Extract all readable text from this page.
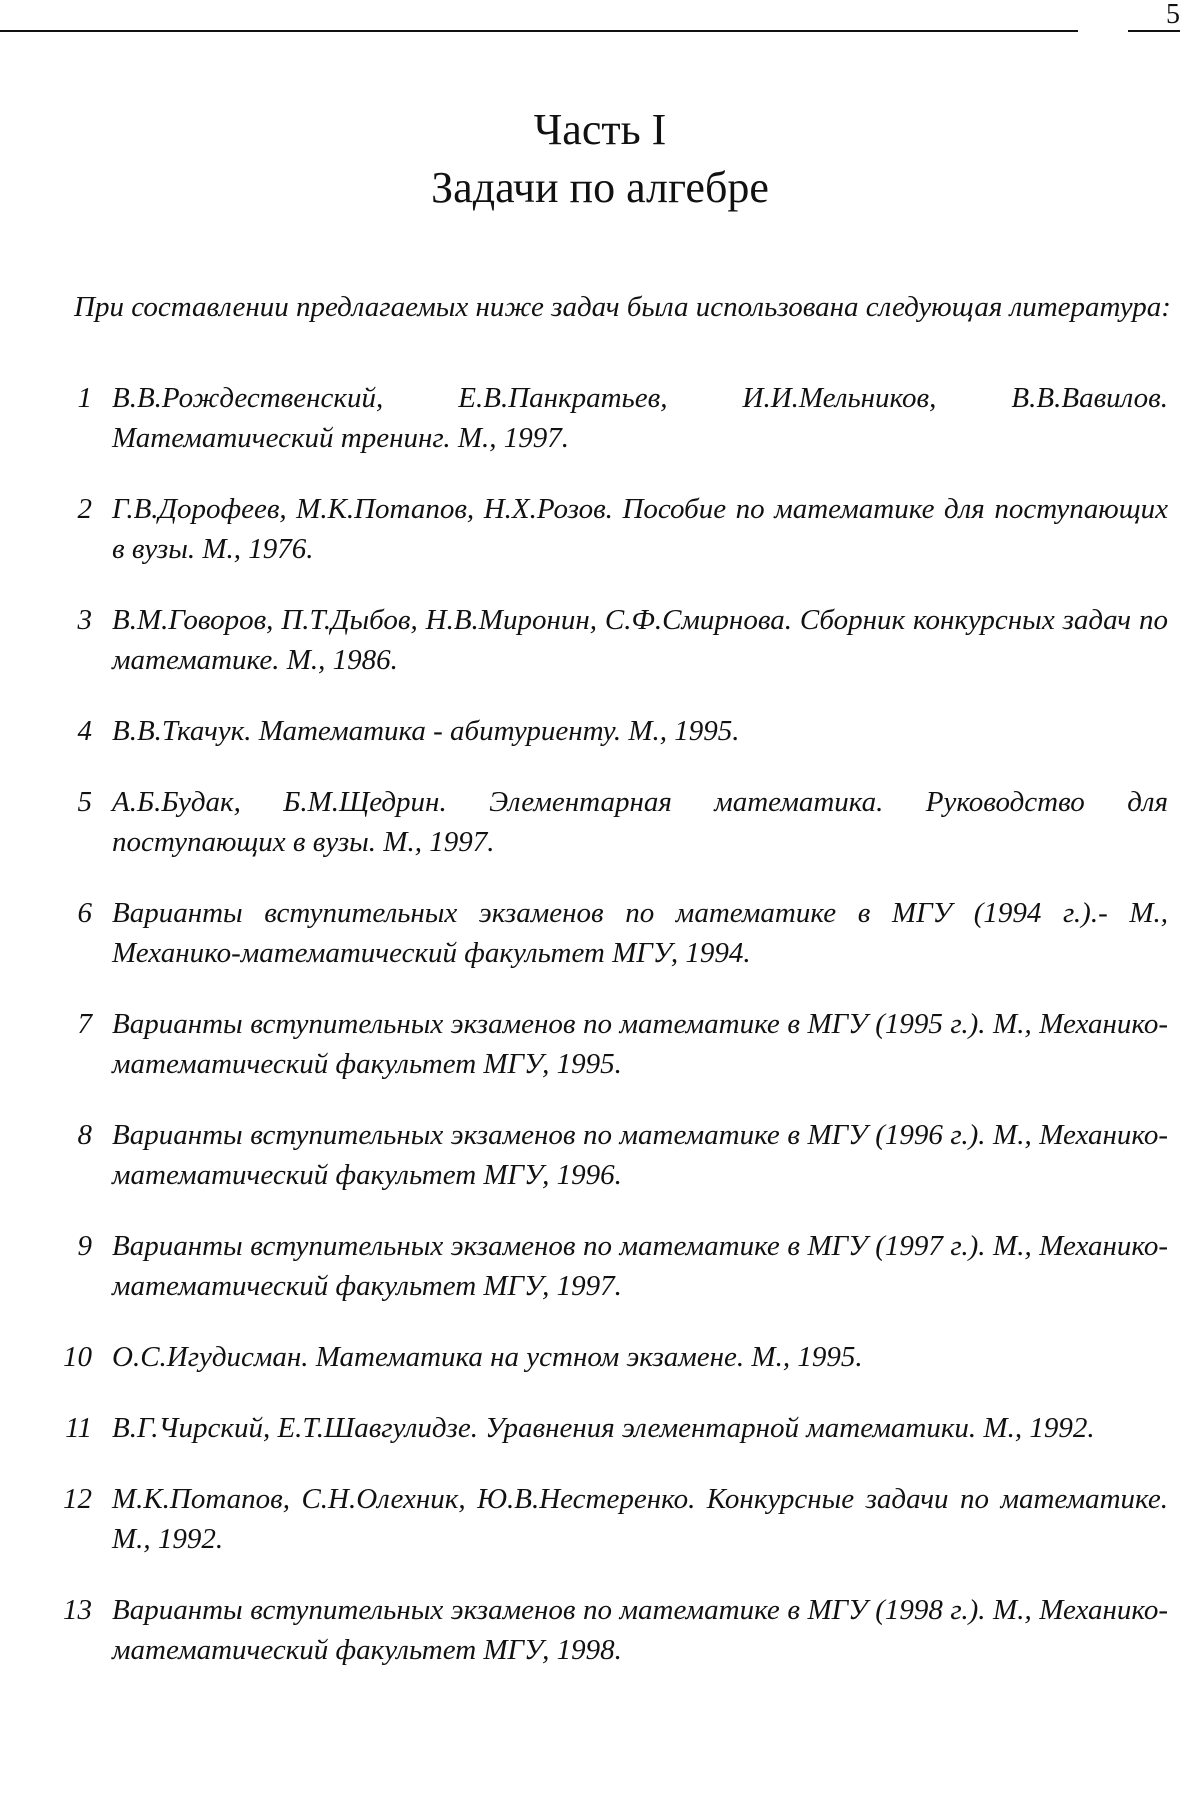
5
Часть I
Задачи по алгебре

При составлении предлагаемых ниже задач была использована следующая литература:

1 В.В.Рождественский, Е.В.Панкратьев, И.И.Мельников, В.В.Вавилов. Математический тренинг. М., 1997.
2 Г.В.Дорофеев, М.К.Потапов, Н.Х.Розов. Пособие по математике для поступающих в вузы. М., 1976.
3 В.М.Говоров, П.Т.Дыбов, Н.В.Миронин, С.Ф.Смирнова. Сборник конкурсных задач по математике. М., 1986.
4 В.В.Ткачук. Математика - абитуриенту. М., 1995.
5 А.Б.Будак, Б.М.Щедрин. Элементарная математика. Руководство для поступающих в вузы. М., 1997.
6 Варианты вступительных экзаменов по математике в МГУ (1994 г.).- М., Механико-математический факультет МГУ, 1994.
7 Варианты вступительных экзаменов по математике в МГУ (1995 г.). М., Механико-математический факультет МГУ, 1995.
8 Варианты вступительных экзаменов по математике в МГУ (1996 г.). М., Механико-математический факультет МГУ, 1996.
9 Варианты вступительных экзаменов по математике в МГУ (1997 г.). М., Механико-математический факультет МГУ, 1997.
10 О.С.Игудисман. Математика на устном экзамене. М., 1995.
11 В.Г.Чирский, Е.Т.Шавгулидзе. Уравнения элементарной математики. М., 1992.
12 М.К.Потапов, С.Н.Олехник, Ю.В.Нестеренко. Конкурсные задачи по математике. М., 1992.
13 Варианты вступительных экзаменов по математике в МГУ (1998 г.). М., Механико-математический факультет МГУ, 1998.
